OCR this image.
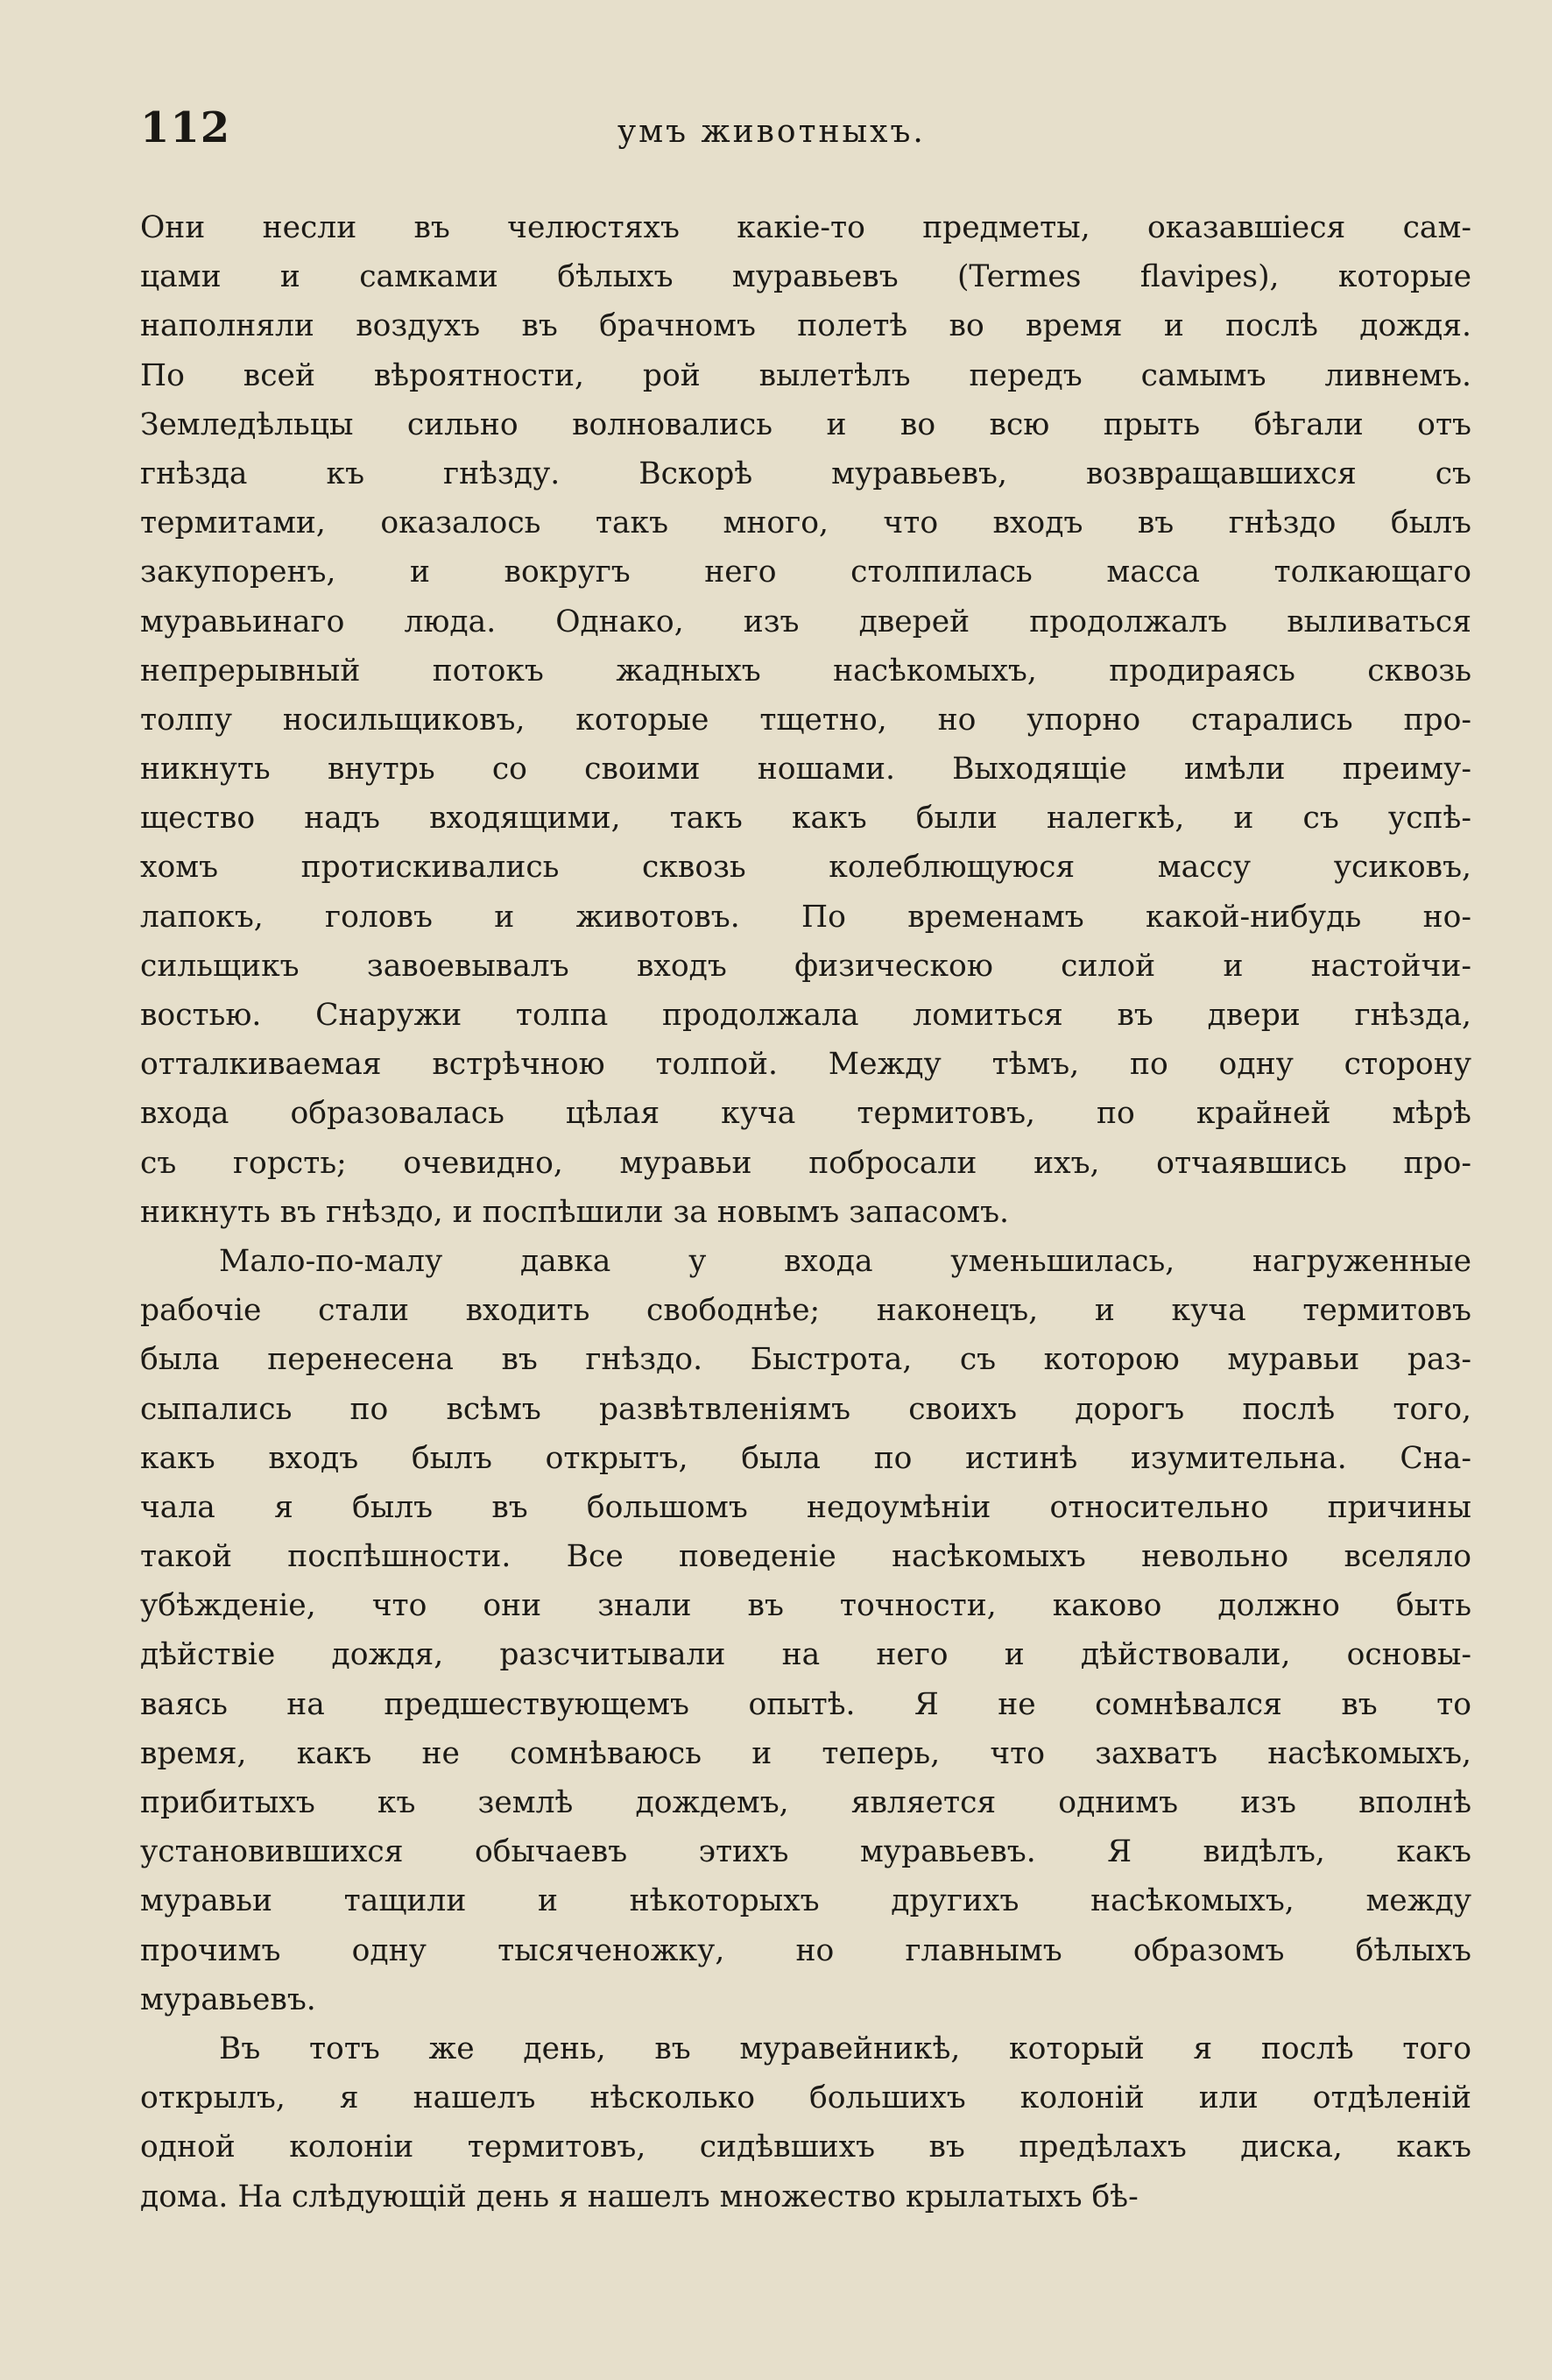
112	умъ животныхъ.
Они несли въ челюстяхъ какіе-то предметы, оказавшіеся сам-
цами и самками бѣлыхъ муравьевъ (Termes flavipes), которые
наполняли воздухъ въ брачномъ полетѣ во время и послѣ дождя.
По всей вѣроятности, рой вылетѣлъ передъ самымъ ливнемъ.
Земледѣльцы сильно волновались и во всю прыть бѣгали отъ
гнѣзда къ гнѣзду. Вскорѣ муравьевъ, возвращавшихся съ
термитами, оказалось такъ много, что входъ въ гнѣздо былъ
закупоренъ, и вокругъ него столпилась масса толкающаго
муравьинаго люда. Однако, изъ дверей продолжалъ выливаться
непрерывный потокъ жадныхъ насѣкомыхъ, продираясь сквозь
толпу носильщиковъ, которые тщетно, но упорно старались про-
никнуть внутрь со своими ношами. Выходящіе имѣли преиму-
щество надъ входящими, такъ какъ были налегкѣ, и съ успѣ-
хомъ протискивались сквозь колеблющуюся массу усиковъ,
лапокъ, головъ и животовъ. По временамъ какой-нибудь но-
сильщикъ завоевывалъ входъ физическою силой и настойчи-
востью. Снаружи толпа продолжала ломиться въ двери гнѣзда,
отталкиваемая встрѣчною толпой. Между тѣмъ, по одну сторону
входа образовалась цѣлая куча термитовъ, по крайней мѣрѣ
съ горсть; очевидно, муравьи побросали ихъ, отчаявшись про-
никнуть въ гнѣздо, и поспѣшили за новымъ запасомъ.
Мало-по-малу давка у входа уменьшилась, нагруженные
рабочіе стали входить свободнѣе; наконецъ, и куча термитовъ
была перенесена въ гнѣздо. Быстрота, съ которою муравьи раз-
сыпались по всѣмъ развѣтвленіямъ своихъ дорогъ послѣ того,
какъ входъ былъ открытъ, была по истинѣ изумительна. Сна-
чала я былъ въ большомъ недоумѣніи относительно причины
такой поспѣшности. Все поведеніе насѣкомыхъ невольно вселяло
убѣжденіе, что они знали въ точности, каково должно быть
дѣйствіе дождя, разсчитывали на него и дѣйствовали, основы-
ваясь на предшествующемъ опытѣ. Я не сомнѣвался въ то
время, какъ не сомнѣваюсь и теперь, что захватъ насѣкомыхъ,
прибитыхъ къ землѣ дождемъ, является однимъ изъ вполнѣ
установившихся обычаевъ этихъ муравьевъ. Я видѣлъ, какъ
муравьи тащили и нѣкоторыхъ другихъ насѣкомыхъ, между
прочимъ одну тысяченожку, но главнымъ образомъ бѣлыхъ
муравьевъ.
Въ тотъ же день, въ муравейникѣ, который я послѣ того
открылъ, я нашелъ нѣсколько большихъ колоній или отдѣленій
одной колоніи термитовъ, сидѣвшихъ въ предѣлахъ диска, какъ
дома. На слѣдующій день я нашелъ множество крылатыхъ бѣ-
